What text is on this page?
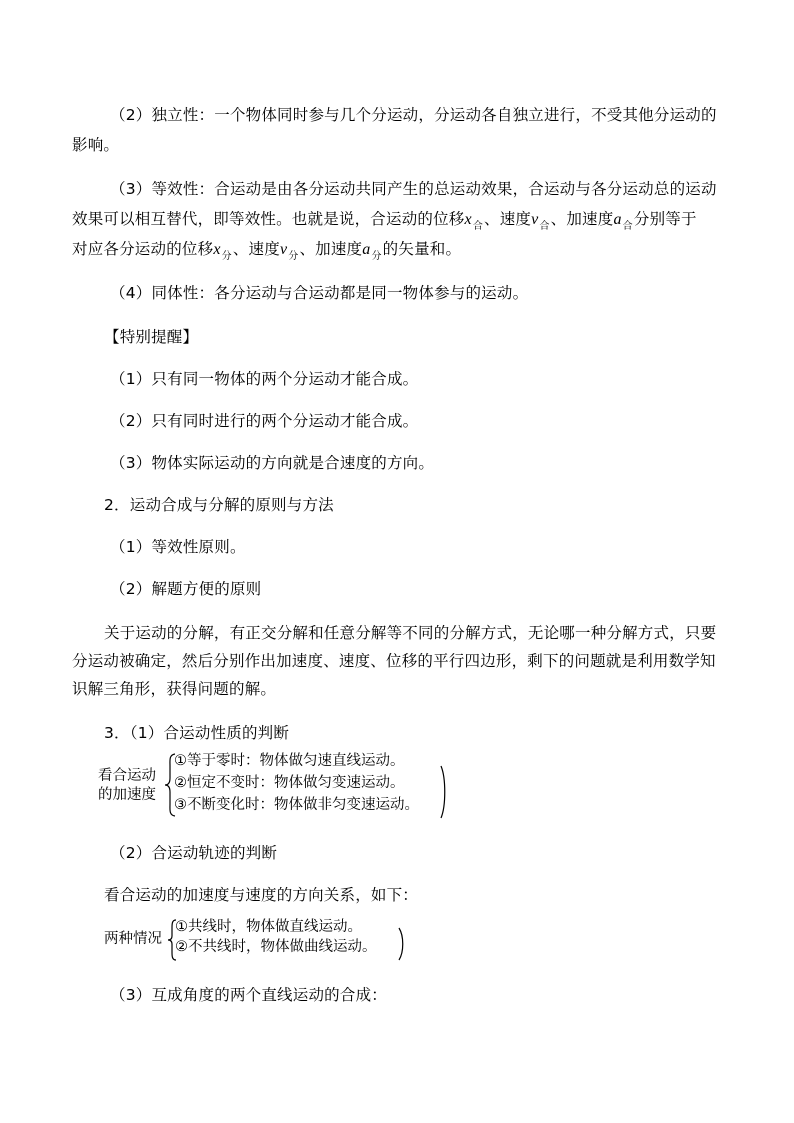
（2）独立性：一个物体同时参与几个分运动，分运动各自独立进行，不受其他分运动的
影响。
（3）等效性：合运动是由各分运动共同产生的总运动效果，合运动与各分运动总的运动
效果可以相互替代，即等效性。也就是说，合运动的位移$x_合$、速度$v_合$、加速度$a_合$分别等于
对应各分运动的位移$x_分$、速度$v_分$、加速度$a_分$的矢量和。
（4）同体性：各分运动与合运动都是同一物体参与的运动。
【特别提醒】
（1）只有同一物体的两个分运动才能合成。
（2）只有同时进行的两个分运动才能合成。
（3）物体实际运动的方向就是合速度的方向。
2．运动合成与分解的原则与方法
（1）等效性原则。
（2）解题方便的原则
关于运动的分解，有正交分解和任意分解等不同的分解方式，无论哪一种分解方式，只要
分运动被确定，然后分别作出加速度、速度、位移的平行四边形，剩下的问题就是利用数学知
识解三角形，获得问题的解。
3．（1）合运动性质的判断
看合运动
的加速度
①等于零时：物体做匀速直线运动。
②恒定不变时：物体做匀变速运动。
③不断变化时：物体做非匀变速运动。
（2）合运动轨迹的判断
看合运动的加速度与速度的方向关系，如下：
两种情况
①共线时，物体做直线运动。
②不共线时，物体做曲线运动。
（3）互成角度的两个直线运动的合成：
